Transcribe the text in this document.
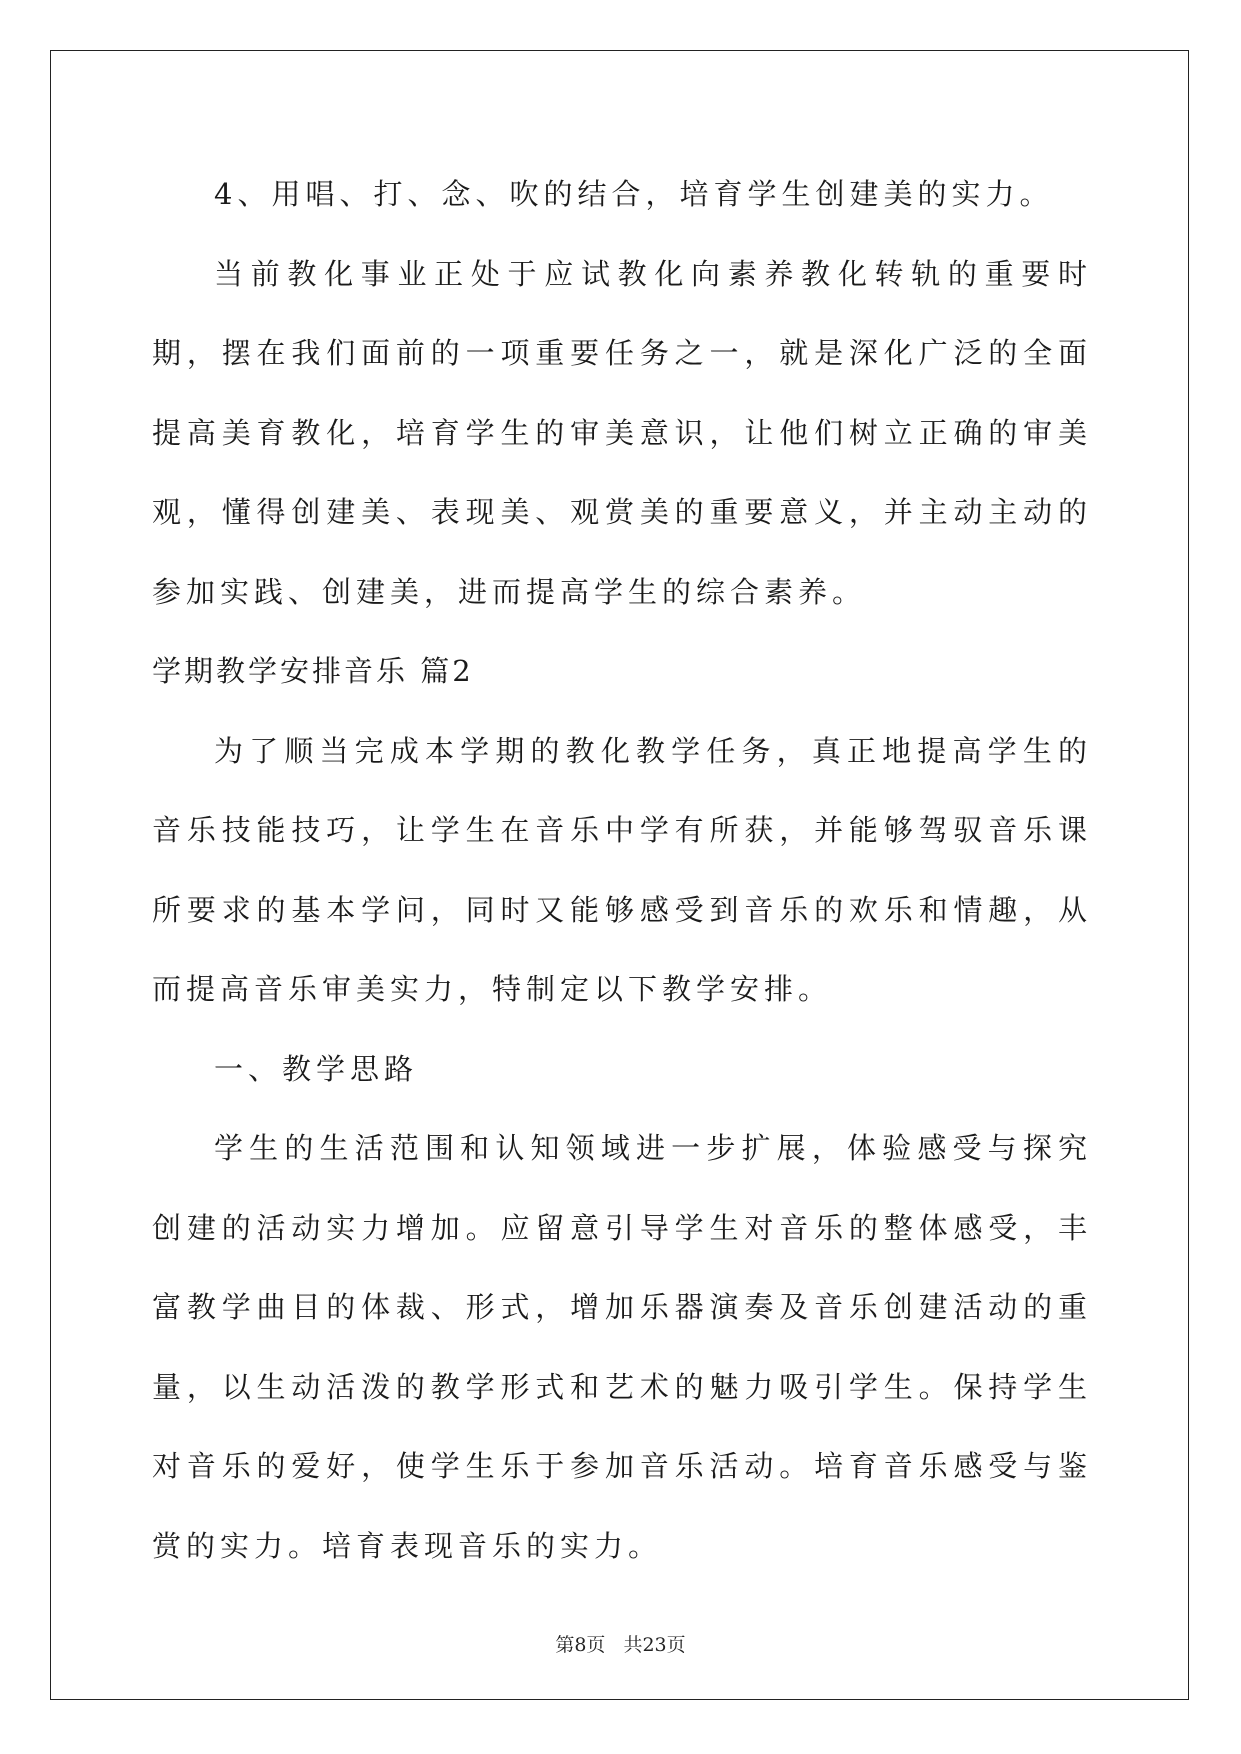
4、用唱、打、念、吹的结合，培育学生创建美的实力。

当前教化事业正处于应试教化向素养教化转轨的重要时期，摆在我们面前的一项重要任务之一，就是深化广泛的全面提高美育教化，培育学生的审美意识，让他们树立正确的审美观，懂得创建美、表现美、观赏美的重要意义，并主动主动的参加实践、创建美，进而提高学生的综合素养。

学期教学安排音乐 篇2

为了顺当完成本学期的教化教学任务，真正地提高学生的音乐技能技巧，让学生在音乐中学有所获，并能够驾驭音乐课所要求的基本学问，同时又能够感受到音乐的欢乐和情趣，从而提高音乐审美实力，特制定以下教学安排。

一、教学思路

学生的生活范围和认知领域进一步扩展，体验感受与探究创建的活动实力增加。应留意引导学生对音乐的整体感受，丰富教学曲目的体裁、形式，增加乐器演奏及音乐创建活动的重量，以生动活泼的教学形式和艺术的魅力吸引学生。保持学生对音乐的爱好，使学生乐于参加音乐活动。培育音乐感受与鉴赏的实力。培育表现音乐的实力。

第8页 共23页
